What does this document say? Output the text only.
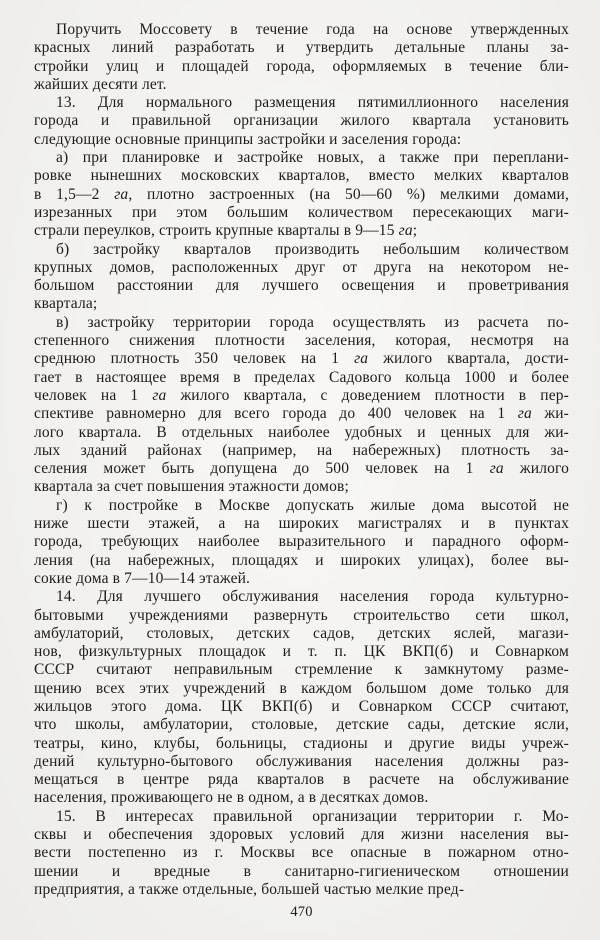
Поручить Моссовету в течение года на основе утвержденных
красных линий разработать и утвердить детальные планы за-
стройки улиц и площадей города, оформляемых в течение бли-
жайших десяти лет.
13. Для нормального размещения пятимиллионного населения
города и правильной организации жилого квартала установить
следующие основные принципы застройки и заселения города:
а) при планировке и застройке новых, а также при переплани-
ровке нынешних московских кварталов, вместо мелких кварталов
в 1,5—2 га, плотно застроенных (на 50—60 %) мелкими домами,
изрезанных при этом большим количеством пересекающих маги-
страли переулков, строить крупные кварталы в 9—15 га;
б) застройку кварталов производить небольшим количеством
крупных домов, расположенных друг от друга на некотором не-
большом расстоянии для лучшего освещения и проветривания
квартала;
в) застройку территории города осуществлять из расчета по-
степенного снижения плотности заселения, которая, несмотря на
среднюю плотность 350 человек на 1 га жилого квартала, дости-
гает в настоящее время в пределах Садового кольца 1000 и более
человек на 1 га жилого квартала, с доведением плотности в пер-
спективе равномерно для всего города до 400 человек на 1 га жи-
лого квартала. В отдельных наиболее удобных и ценных для жи-
лых зданий районах (например, на набережных) плотность за-
селения может быть допущена до 500 человек на 1 га жилого
квартала за счет повышения этажности домов;
г) к постройке в Москве допускать жилые дома высотой не
ниже шести этажей, а на широких магистралях и в пунктах
города, требующих наиболее выразительного и парадного оформ-
ления (на набережных, площадях и широких улицах), более вы-
сокие дома в 7—10—14 этажей.
14. Для лучшего обслуживания населения города культурно-
бытовыми учреждениями развернуть строительство сети школ,
амбулаторий, столовых, детских садов, детских яслей, магази-
нов, физкультурных площадок и т. п. ЦК ВКП(б) и Совнарком
СССР считают неправильным стремление к замкнутому разме-
щению всех этих учреждений в каждом большом доме только для
жильцов этого дома. ЦК ВКП(б) и Совнарком СССР считают,
что школы, амбулатории, столовые, детские сады, детские ясли,
театры, кино, клубы, больницы, стадионы и другие виды учреж-
дений культурно-бытового обслуживания населения должны раз-
мещаться в центре ряда кварталов в расчете на обслуживание
населения, проживающего не в одном, а в десятках домов.
15. В интересах правильной организации территории г. Мо-
сквы и обеспечения здоровых условий для жизни населения вы-
вести постепенно из г. Москвы все опасные в пожарном отно-
шении и вредные в санитарно-гигиеническом отношении
предприятия, а также отдельные, большей частью мелкие пред-
470
